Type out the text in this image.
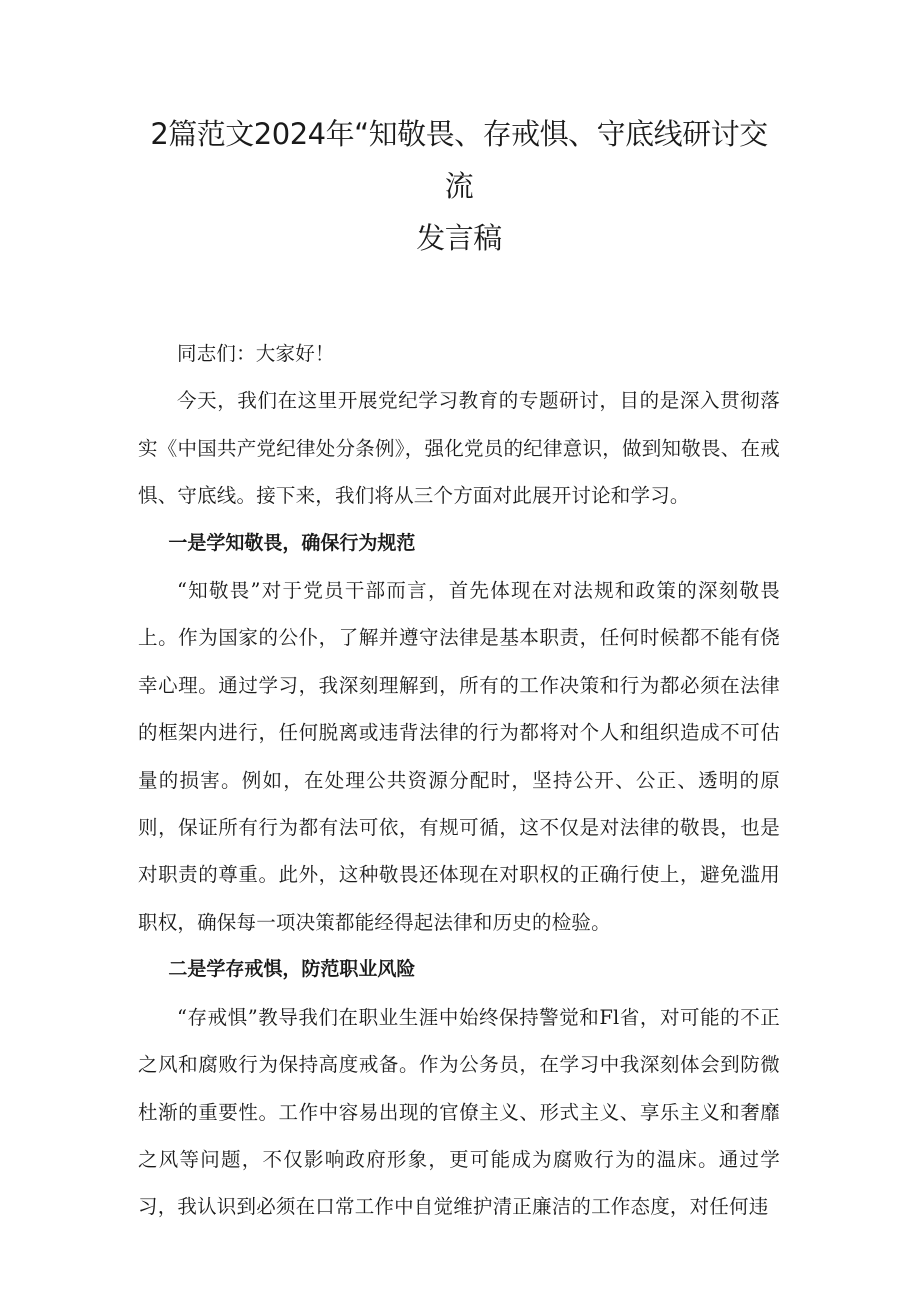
2篇范文2024年“知敬畏、存戒惧、守底线研讨交流
发言稿

同志们：大家好！

今天，我们在这里开展党纪学习教育的专题研讨，目的是深入贯彻落实《中国共产党纪律处分条例》，强化党员的纪律意识，做到知敬畏、在戒惧、守底线。接下来，我们将从三个方面对此展开讨论和学习。

一是学知敬畏，确保行为规范

“知敬畏”对于党员干部而言，首先体现在对法规和政策的深刻敬畏上。作为国家的公仆，了解并遵守法律是基本职责，任何时候都不能有侥幸心理。通过学习，我深刻理解到，所有的工作决策和行为都必须在法律的框架内进行，任何脱离或违背法律的行为都将对个人和组织造成不可估量的损害。例如，在处理公共资源分配时，坚持公开、公正、透明的原则，保证所有行为都有法可依，有规可循，这不仅是对法律的敬畏，也是对职责的尊重。此外，这种敬畏还体现在对职权的正确行使上，避免滥用职权，确保每一项决策都能经得起法律和历史的检验。

二是学存戒惧，防范职业风险

“存戒惧”教导我们在职业生涯中始终保持警觉和Fl省，对可能的不正之风和腐败行为保持高度戒备。作为公务员，在学习中我深刻体会到防微杜渐的重要性。工作中容易出现的官僚主义、形式主义、享乐主义和奢靡之风等问题，不仅影响政府形象，更可能成为腐败行为的温床。通过学习，我认识到必须在口常工作中自觉维护清正廉洁的工作态度，对任何违
